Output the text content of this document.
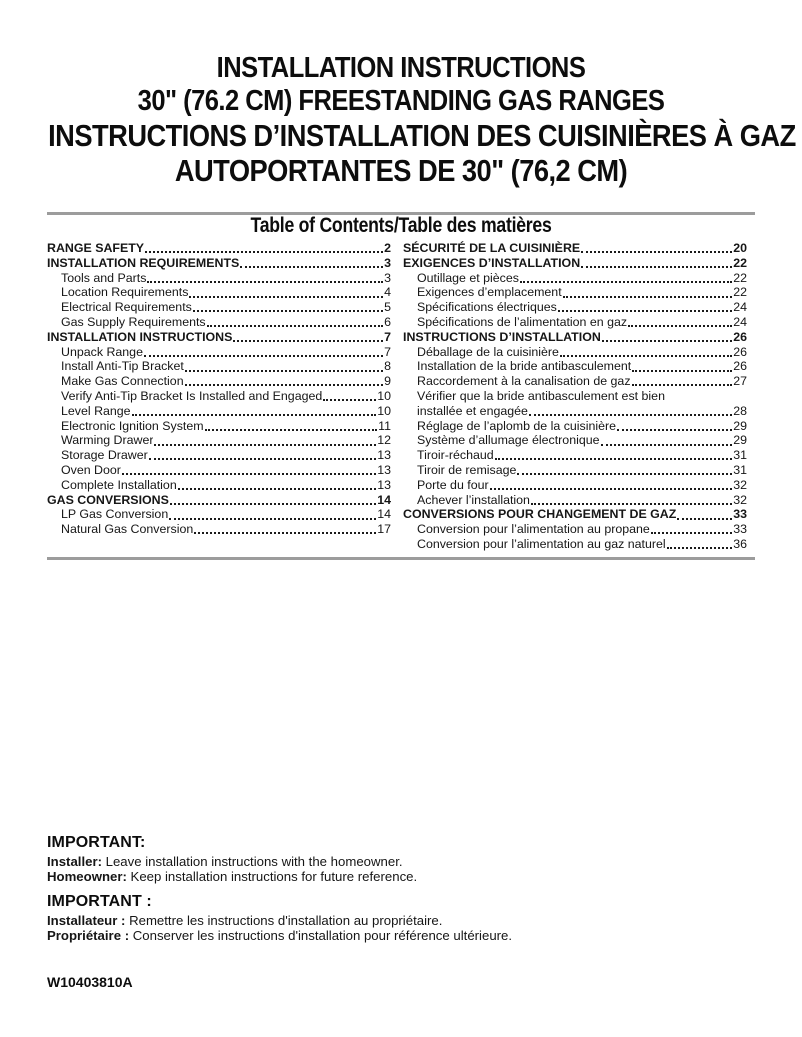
INSTALLATION INSTRUCTIONS
30" (76.2 CM) FREESTANDING GAS RANGES
INSTRUCTIONS D’INSTALLATION DES CUISINIÈRES À GAZ
AUTOPORTANTES DE 30" (76,2 CM)
Table of Contents/Table des matières
RANGE SAFETY	2
INSTALLATION REQUIREMENTS	3
Tools and Parts	3
Location Requirements	4
Electrical Requirements	5
Gas Supply Requirements	6
INSTALLATION INSTRUCTIONS	7
Unpack Range	7
Install Anti-Tip Bracket	8
Make Gas Connection	9
Verify Anti-Tip Bracket Is Installed and Engaged	10
Level Range	10
Electronic Ignition System	11
Warming Drawer	12
Storage Drawer	13
Oven Door	13
Complete Installation	13
GAS CONVERSIONS	14
LP Gas Conversion	14
Natural Gas Conversion	17
SÉCURITÉ DE LA CUISINIÈRE	20
EXIGENCES D’INSTALLATION	22
Outillage et pièces	22
Exigences d’emplacement	22
Spécifications électriques	24
Spécifications de l’alimentation en gaz	24
INSTRUCTIONS D’INSTALLATION	26
Déballage de la cuisinière	26
Installation de la bride antibasculement	26
Raccordement à la canalisation de gaz	27
Vérifier que la bride antibasculement est bien
installée et engagée	28
Réglage de l’aplomb de la cuisinière	29
Système d’allumage électronique	29
Tiroir-réchaud	31
Tiroir de remisage	31
Porte du four	32
Achever l’installation	32
CONVERSIONS POUR CHANGEMENT DE GAZ	33
Conversion pour l’alimentation au propane	33
Conversion pour l’alimentation au gaz naturel	36
IMPORTANT:

Installer: Leave installation instructions with the homeowner.

Homeowner: Keep installation instructions for future reference.

IMPORTANT :

Installateur : Remettre les instructions d'installation au propriétaire.

Propriétaire : Conserver les instructions d'installation pour référence ultérieure.

W10403810A
